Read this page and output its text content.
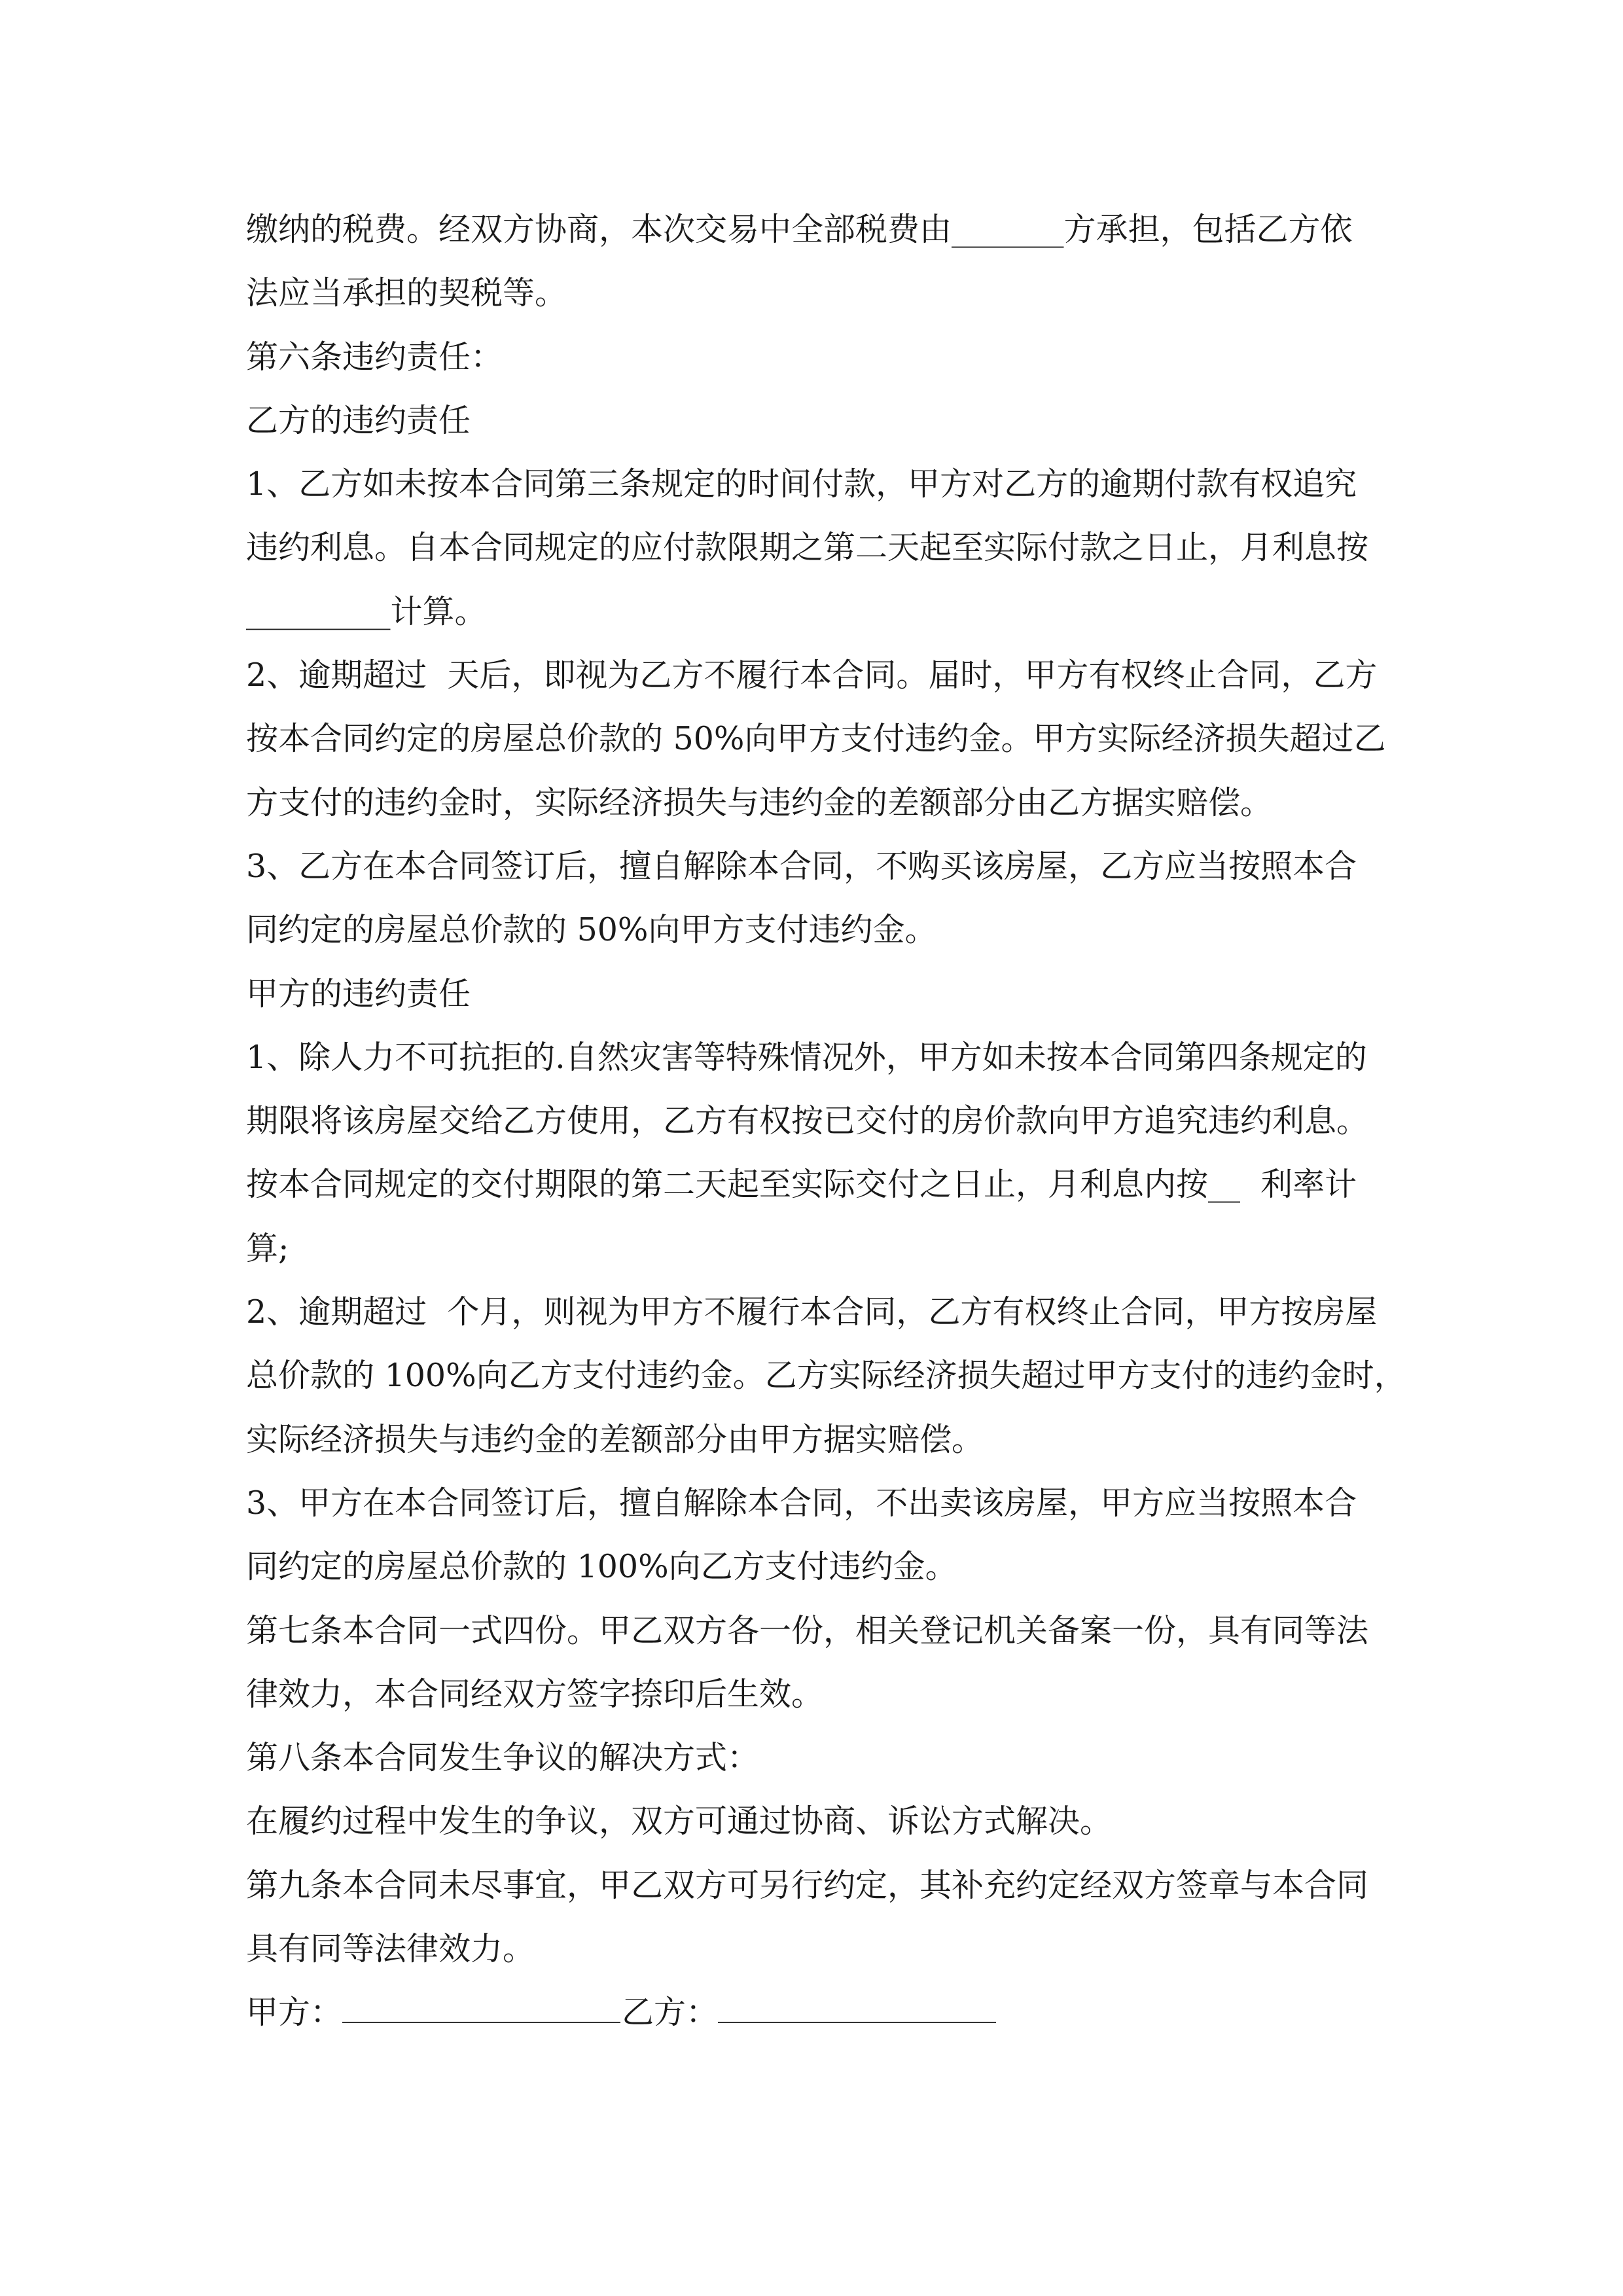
缴纳的税费。经双方协商，本次交易中全部税费由_______方承担，包括乙方依
法应当承担的契税等。
第六条违约责任：
乙方的违约责任
1、乙方如未按本合同第三条规定的时间付款，甲方对乙方的逾期付款有权追究
违约利息。自本合同规定的应付款限期之第二天起至实际付款之日止，月利息按
_________计算。
2、逾期超过  天后，即视为乙方不履行本合同。届时，甲方有权终止合同，乙方
按本合同约定的房屋总价款的 50%向甲方支付违约金。甲方实际经济损失超过乙
方支付的违约金时，实际经济损失与违约金的差额部分由乙方据实赔偿。
3、乙方在本合同签订后，擅自解除本合同，不购买该房屋，乙方应当按照本合
同约定的房屋总价款的 50%向甲方支付违约金。
甲方的违约责任
1、除人力不可抗拒的.自然灾害等特殊情况外，甲方如未按本合同第四条规定的
期限将该房屋交给乙方使用，乙方有权按已交付的房价款向甲方追究违约利息。
按本合同规定的交付期限的第二天起至实际交付之日止，月利息内按__  利率计
算;
2、逾期超过  个月，则视为甲方不履行本合同，乙方有权终止合同，甲方按房屋
总价款的 100%向乙方支付违约金。乙方实际经济损失超过甲方支付的违约金时，
实际经济损失与违约金的差额部分由甲方据实赔偿。
3、甲方在本合同签订后，擅自解除本合同，不出卖该房屋，甲方应当按照本合
同约定的房屋总价款的 100%向乙方支付违约金。
第七条本合同一式四份。甲乙双方各一份，相关登记机关备案一份，具有同等法
律效力，本合同经双方签字捺印后生效。
第八条本合同发生争议的解决方式：
在履约过程中发生的争议，双方可通过协商、诉讼方式解决。
第九条本合同未尽事宜，甲乙双方可另行约定，其补充约定经双方签章与本合同
具有同等法律效力。
甲方：	乙方：
